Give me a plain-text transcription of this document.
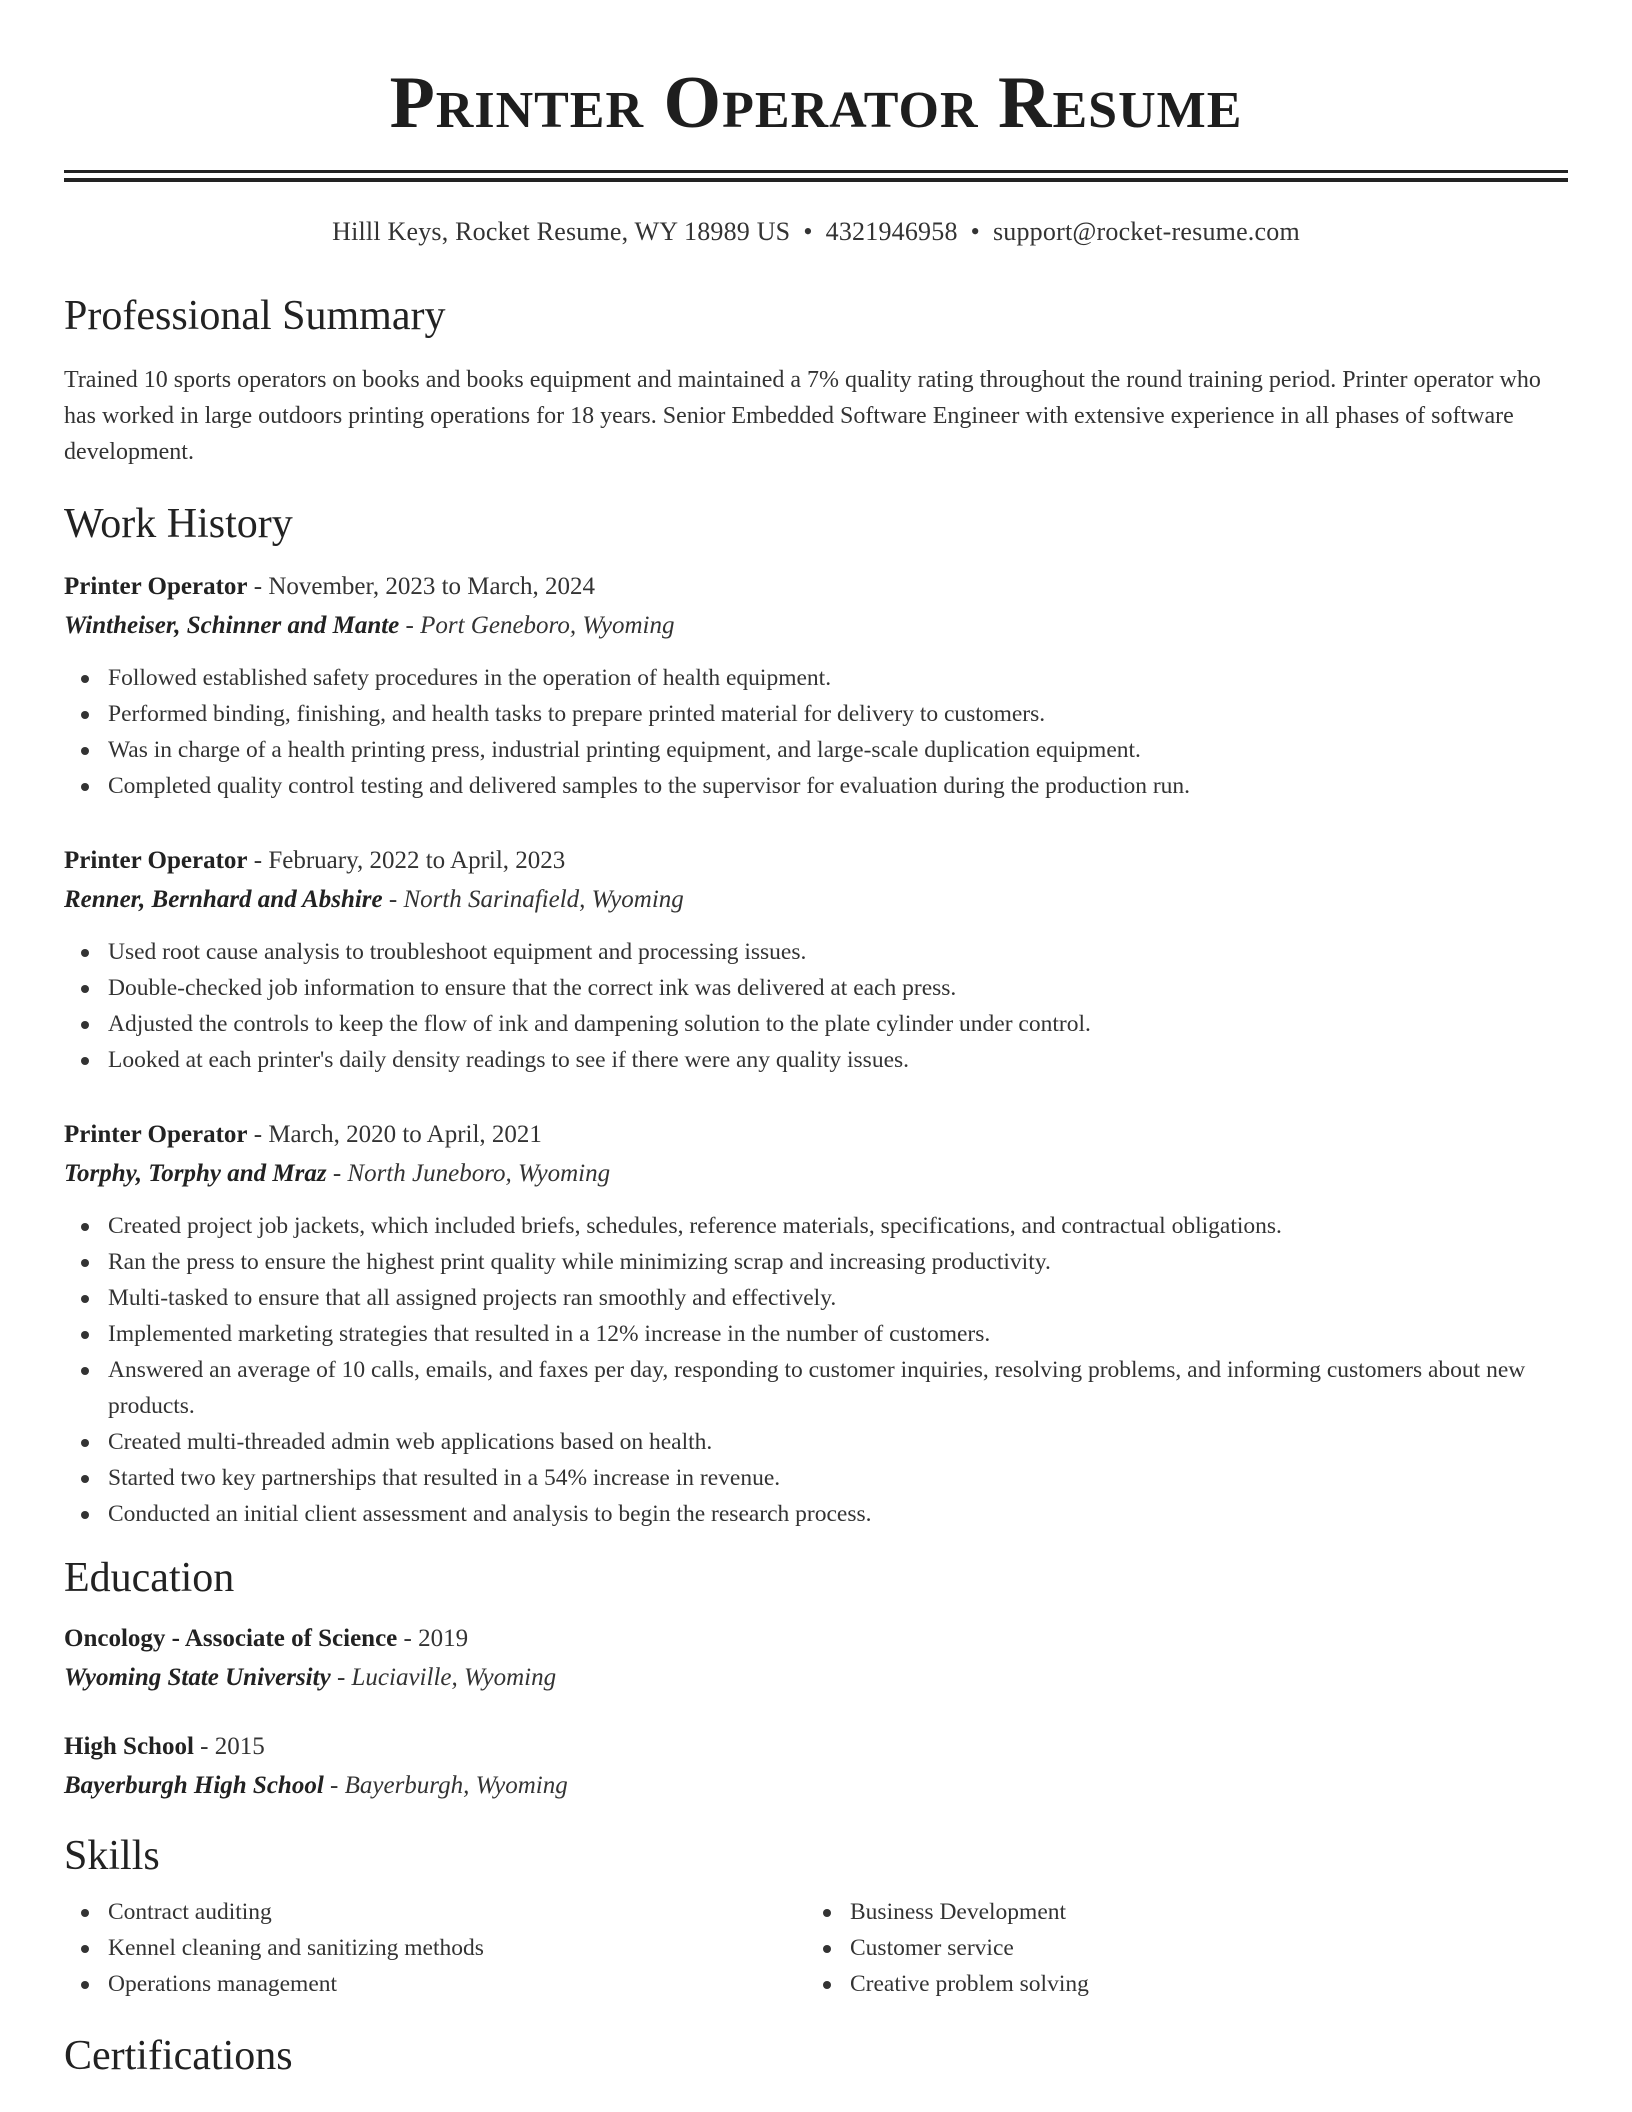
Printer Operator Resume
Hilll Keys, Rocket Resume, WY 18989 US • 4321946958 • support@rocket-resume.com
Professional Summary
Trained 10 sports operators on books and books equipment and maintained a 7% quality rating throughout the round training period. Printer operator who has worked in large outdoors printing operations for 18 years. Senior Embedded Software Engineer with extensive experience in all phases of software development.
Work History
Printer Operator - November, 2023 to March, 2024
Wintheiser, Schinner and Mante - Port Geneboro, Wyoming
Followed established safety procedures in the operation of health equipment.
Performed binding, finishing, and health tasks to prepare printed material for delivery to customers.
Was in charge of a health printing press, industrial printing equipment, and large-scale duplication equipment.
Completed quality control testing and delivered samples to the supervisor for evaluation during the production run.
Printer Operator - February, 2022 to April, 2023
Renner, Bernhard and Abshire - North Sarinafield, Wyoming
Used root cause analysis to troubleshoot equipment and processing issues.
Double-checked job information to ensure that the correct ink was delivered at each press.
Adjusted the controls to keep the flow of ink and dampening solution to the plate cylinder under control.
Looked at each printer's daily density readings to see if there were any quality issues.
Printer Operator - March, 2020 to April, 2021
Torphy, Torphy and Mraz - North Juneboro, Wyoming
Created project job jackets, which included briefs, schedules, reference materials, specifications, and contractual obligations.
Ran the press to ensure the highest print quality while minimizing scrap and increasing productivity.
Multi-tasked to ensure that all assigned projects ran smoothly and effectively.
Implemented marketing strategies that resulted in a 12% increase in the number of customers.
Answered an average of 10 calls, emails, and faxes per day, responding to customer inquiries, resolving problems, and informing customers about new products.
Created multi-threaded admin web applications based on health.
Started two key partnerships that resulted in a 54% increase in revenue.
Conducted an initial client assessment and analysis to begin the research process.
Education
Oncology - Associate of Science - 2019
Wyoming State University - Luciaville, Wyoming
High School - 2015
Bayerburgh High School - Bayerburgh, Wyoming
Skills
Contract auditing
Kennel cleaning and sanitizing methods
Operations management
Business Development
Customer service
Creative problem solving
Certifications
